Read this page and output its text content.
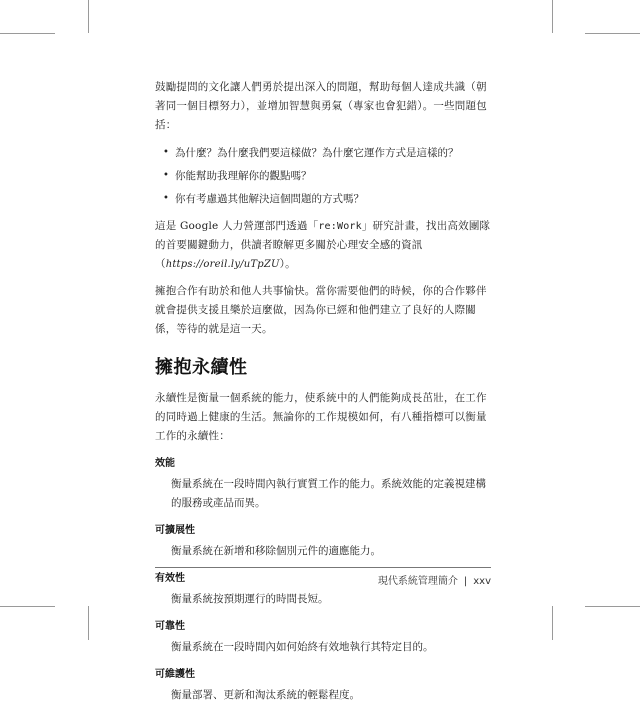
鼓勵提問的文化讓人們勇於提出深入的問題，幫助每個人達成共識（朝著同一個目標努力），並增加智慧與勇氣（專家也會犯錯）。一些問題包括：

• 為什麼？為什麼我們要這樣做？為什麼它運作方式是這樣的？
• 你能幫助我理解你的觀點嗎？
• 你有考慮過其他解決這個問題的方式嗎？

這是 Google 人力營運部門透過「re:Work」研究計畫，找出高效團隊的首要關鍵動力，供讀者瞭解更多關於心理安全感的資訊（https://oreil.ly/uTpZU）。

擁抱合作有助於和他人共事愉快。當你需要他們的時候，你的合作夥伴就會提供支援且樂於這麼做，因為你已經和他們建立了良好的人際關係，等待的就是這一天。

擁抱永續性

永續性是衡量一個系統的能力，使系統中的人們能夠成長茁壯，在工作的同時過上健康的生活。無論你的工作規模如何，有八種指標可以衡量工作的永續性：

效能
衡量系統在一段時間內執行實質工作的能力。系統效能的定義視建構的服務或產品而異。
可擴展性
衡量系統在新增和移除個別元件的適應能力。
有效性
衡量系統按預期運行的時間長短。
可靠性
衡量系統在一段時間內如何始終有效地執行其特定目的。
可維護性
衡量部署、更新和淘汰系統的輕鬆程度。
現代系統管理簡介 | xxv
